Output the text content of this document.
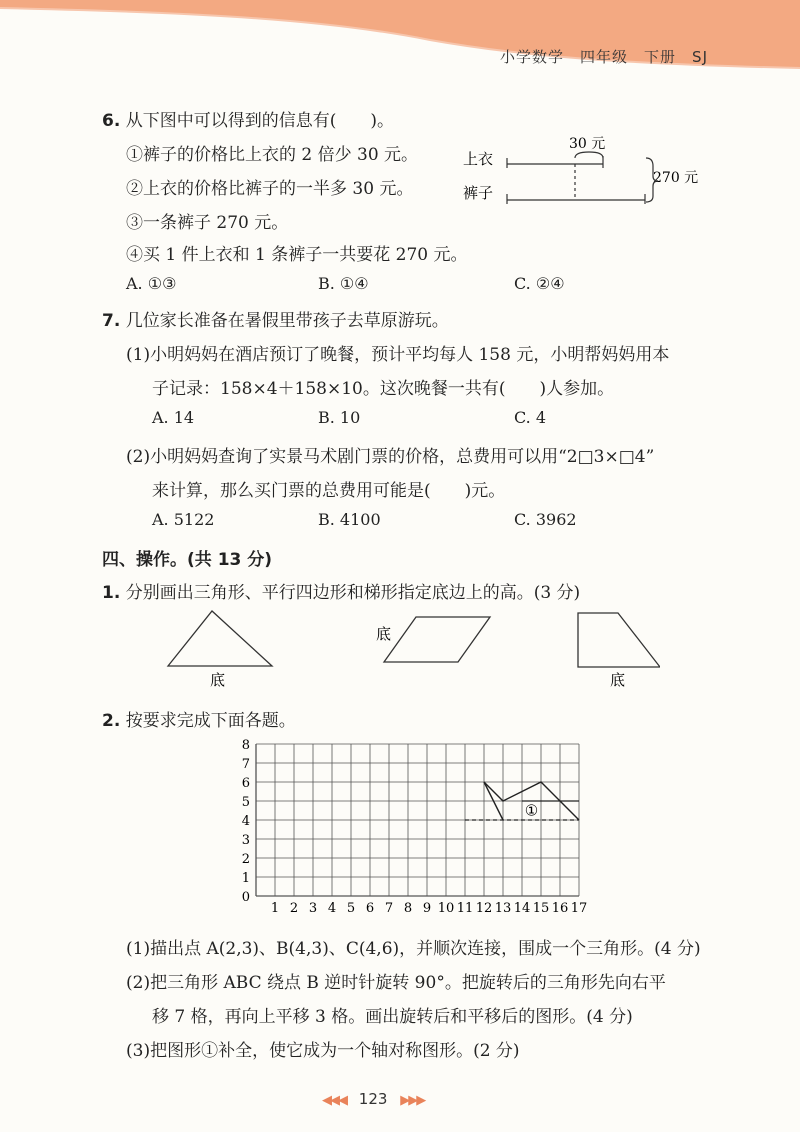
小学数学　四年级　下册　SJ
6. 从下图中可以得到的信息有(　　)。
①裤子的价格比上衣的 2 倍少 30 元。
②上衣的价格比裤子的一半多 30 元。
③一条裤子 270 元。
④买 1 件上衣和 1 条裤子一共要花 270 元。
A. ①③	B. ①④	C. ②④
上衣
裤子
30 元
270 元
7. 几位家长准备在暑假里带孩子去草原游玩。
(1)小明妈妈在酒店预订了晚餐，预计平均每人 158 元，小明帮妈妈用本
子记录：158×4＋158×10。这次晚餐一共有(　　)人参加。
A. 14	B. 10	C. 4
(2)小明妈妈查询了实景马术剧门票的价格，总费用可以用“2□3×□4”
来计算，那么买门票的总费用可能是(　　)元。
A. 5122	B. 4100	C. 3962
四、操作。(共 13 分)
1. 分别画出三角形、平行四边形和梯形指定底边上的高。(3 分)
底
底
底
2. 按要求完成下面各题。
1 2 3 4 5 6 7 8 9 10 11 12 13 14 15 16 17
0
1
2
3
4
5
6
7
8
①
(1)描出点 A(2,3)、B(4,3)、C(4,6)，并顺次连接，围成一个三角形。(4 分)
(2)把三角形 ABC 绕点 B 逆时针旋转 90°。把旋转后的三角形先向右平
移 7 格，再向上平移 3 格。画出旋转后和平移后的图形。(4 分)
(3)把图形①补全，使它成为一个轴对称图形。(2 分)
◀◀◀ 123 ▶▶▶
